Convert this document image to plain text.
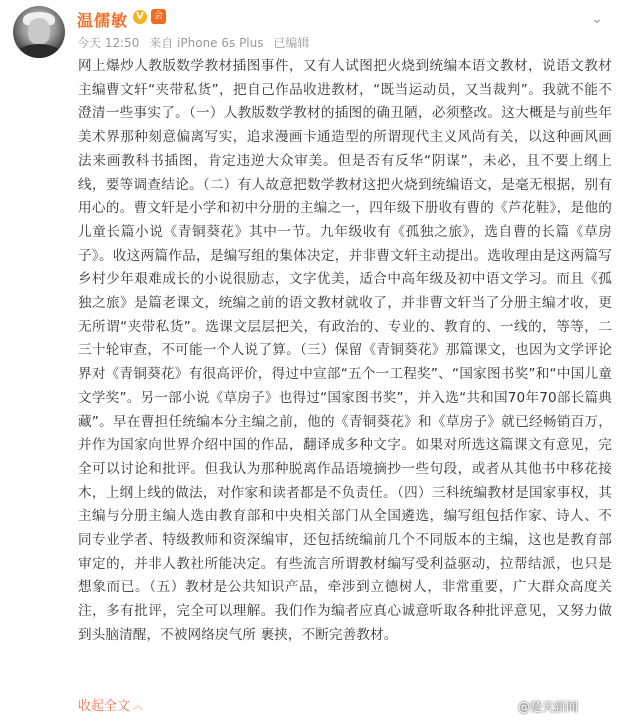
温儒敏 V	会	⌄
今天 12:50 来自 iPhone 6s Plus 已编辑
网上爆炒人教版数学教材插图事件，又有人试图把火烧到统编本语文教材，说语文教材主编曹文轩“夹带私货”，把自己作品收进教材，“既当运动员，又当裁判”。我就不能不澄清一些事实了。（一）人教版数学教材的插图的确丑陋，必须整改。这大概是与前些年美术界那种刻意偏离写实，追求漫画卡通造型的所谓现代主义风尚有关，以这种画风画法来画教科书插图，肯定违逆大众审美。但是否有反华“阴谋”，未必，且不要上纲上线，要等调查结论。（二）有人故意把数学教材这把火烧到统编语文，是毫无根据，别有用心的。曹文轩是小学和初中分册的主编之一，四年级下册收有曹的《芦花鞋》，是他的儿童长篇小说《青铜葵花》其中一节。九年级收有《孤独之旅》，选自曹的长篇《草房子》。收这两篇作品，是编写组的集体决定，并非曹文轩主动提出。选收理由是这两篇写乡村少年艰难成长的小说很励志，文字优美，适合中高年级及初中语文学习。而且《孤独之旅》是篇老课文，统编之前的语文教材就收了，并非曹文轩当了分册主编才收，更无所谓“夹带私货”。选课文层层把关，有政治的、专业的、教育的、一线的，等等，二三十轮审查，不可能一个人说了算。（三）保留《青铜葵花》那篇课文，也因为文学评论界对《青铜葵花》有很高评价，得过中宣部“五个一工程奖”、“国家图书奖”和“中国儿童文学奖”。另一部小说《草房子》也得过“国家图书奖”，并入选“共和国70年70部长篇典藏”。早在曹担任统编本分主编之前，他的《青铜葵花》和《草房子》就已经畅销百万，并作为国家向世界介绍中国的作品，翻译成多种文字。如果对所选这篇课文有意见，完全可以讨论和批评。但我认为那种脱离作品语境摘抄一些句段，或者从其他书中移花接木，上纲上线的做法，对作家和读者都是不负责任。（四）三科统编教材是国家事权，其主编与分册主编人选由教育部和中央相关部门从全国遴选，编写组包括作家、诗人、不同专业学者、特级教师和资深编审，还包括统编前几个不同版本的主编，这也是教育部审定的，并非人教社所能决定。有些流言所谓教材编写受利益驱动，拉帮结派，也只是想象而已。（五）教材是公共知识产品，牵涉到立德树人，非常重要，广大群众高度关注，多有批评，完全可以理解。我们作为编者应真心诚意听取各种批评意见，又努力做到头脑清醒，不被网络戾气所 裹挟，不断完善教材。
收起全文 ︿	@楚天新闻
